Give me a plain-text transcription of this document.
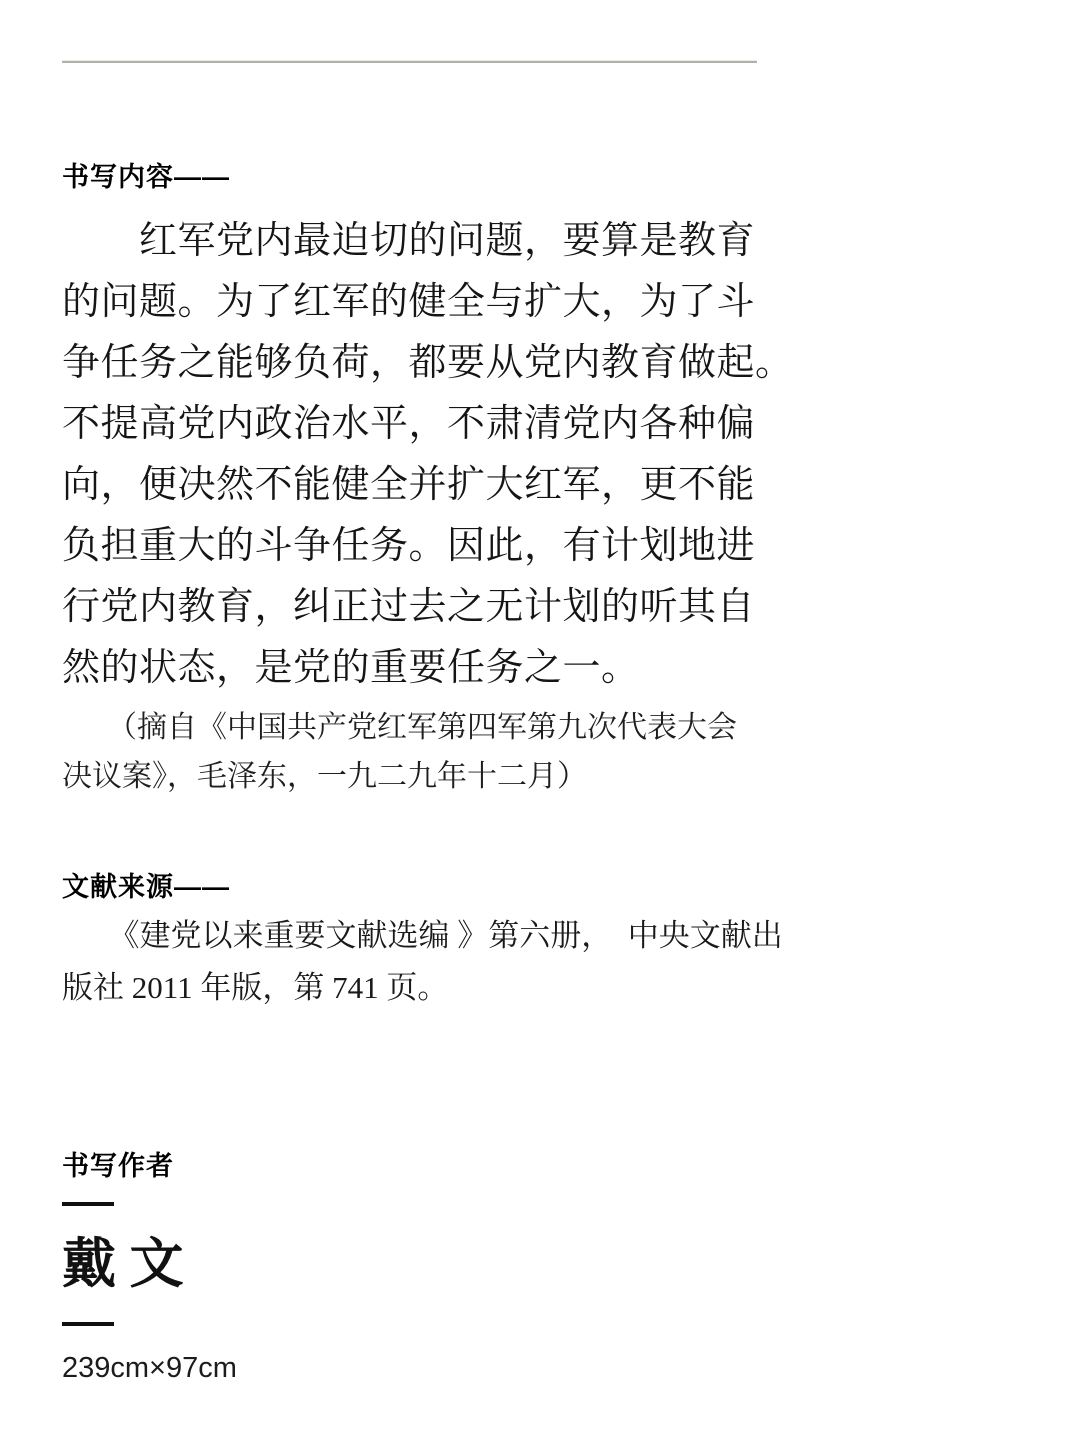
书写内容——
　　红军党内最迫切的问题，要算是教育
的问题。为了红军的健全与扩大，为了斗
争任务之能够负荷，都要从党内教育做起。
不提高党内政治水平，不肃清党内各种偏
向，便决然不能健全并扩大红军，更不能
负担重大的斗争任务。因此，有计划地进
行党内教育，纠正过去之无计划的听其自
然的状态，是党的重要任务之一。
　　（摘自《中国共产党红军第四军第九次代表大会
决议案》，毛泽东，一九二九年十二月）
文献来源——
　　《建党以来重要文献选编 》第六册，　中央文献出
版社 2011 年版，第 741 页。
书写作者
戴 文
239cm×97cm
